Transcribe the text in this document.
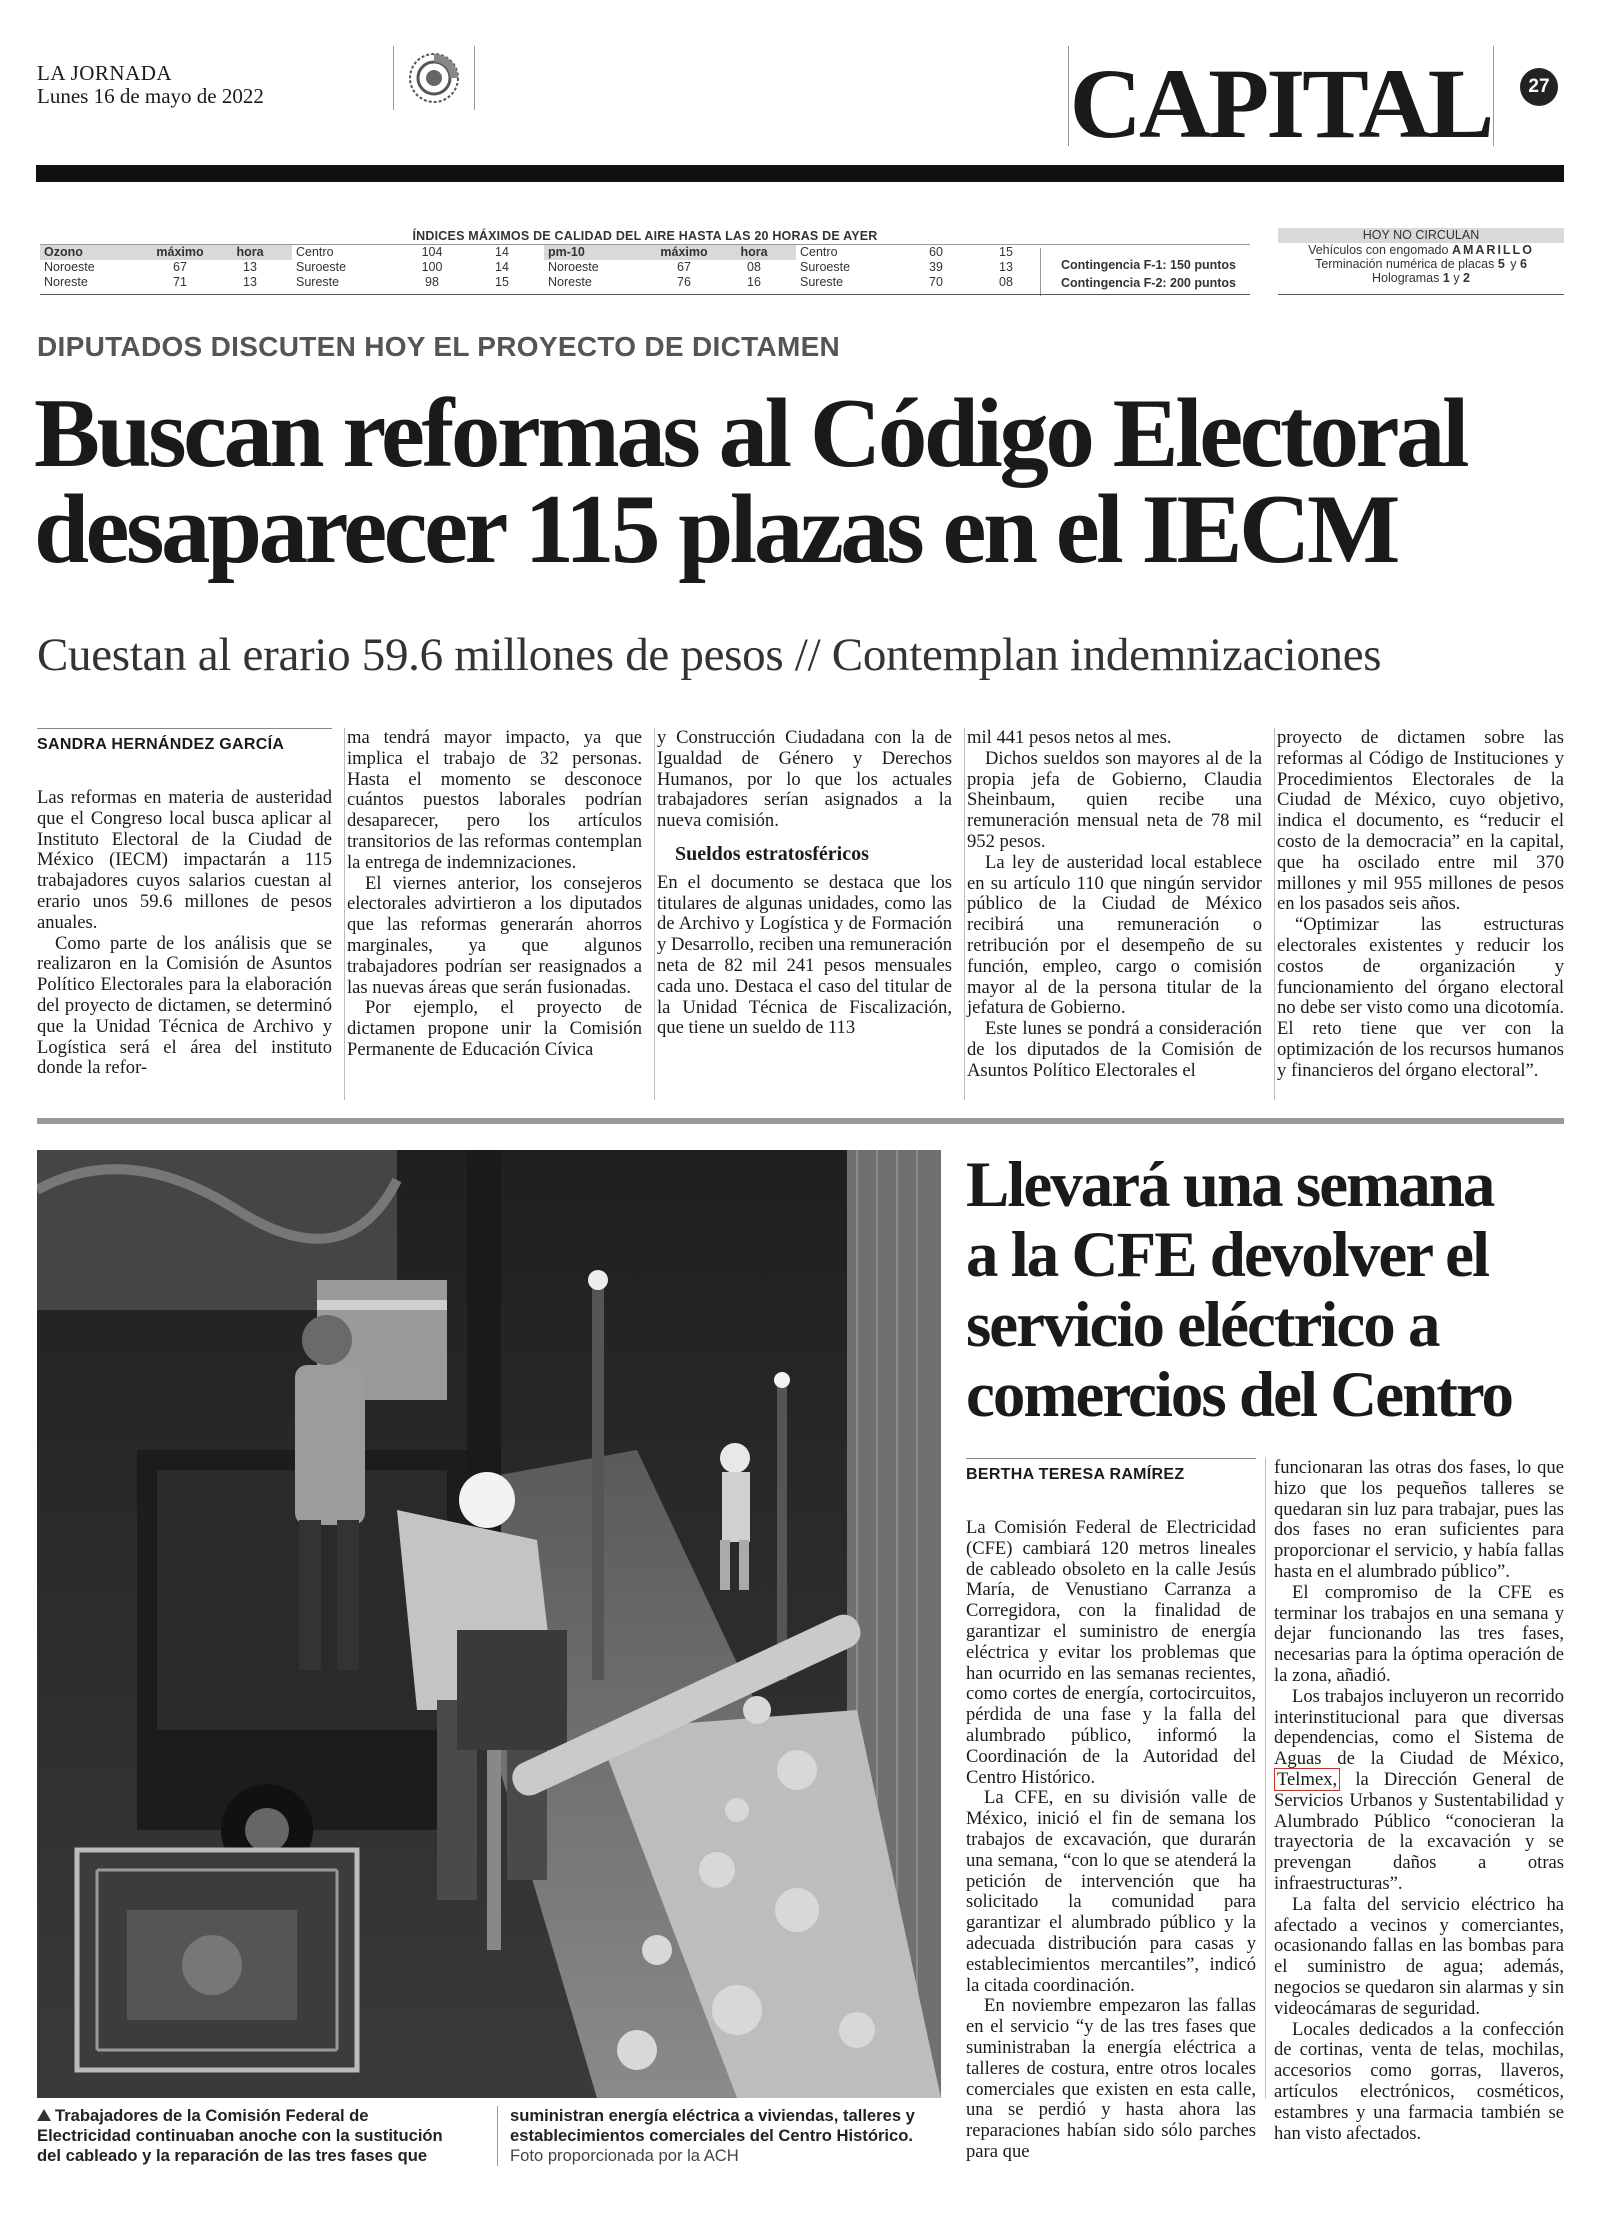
LA JORNADA
Lunes 16 de mayo de 2022	CAPITAL	27
ÍNDICES MÁXIMOS DE CALIDAD DEL AIRE HASTA LAS 20 HORAS DE AYER
Ozono	máximo	hora
Noroeste	67	13
Noreste	71	13
Centro	104	14
Suroeste	100	14
Sureste	98	15
pm-10	máximo	hora
Noroeste	67	08
Noreste	76	16
Centro	60	15
Suroeste	39	13
Sureste	70	08
Contingencia F-1: 150 puntos
Contingencia F-2: 200 puntos
HOY NO CIRCULAN
Vehículos con engomado AMARILLO
Terminación numérica de placas 5 y 6
Hologramas 1 y 2
DIPUTADOS DISCUTEN HOY EL PROYECTO DE DICTAMEN
Buscan reformas al Código Electoral
desaparecer 115 plazas en el IECM
Cuestan al erario 59.6 millones de pesos // Contemplan indemnizaciones
SANDRA HERNÁNDEZ GARCÍA

Las reformas en materia de austeridad que el Congreso local busca aplicar al Instituto Electoral de la Ciudad de México (IECM) impactarán a 115 trabajadores cuyos salarios cuestan al erario unos 59.6 millones de pesos anuales.

Como parte de los análisis que se realizaron en la Comisión de Asuntos Político Electorales para la elaboración del proyecto de dictamen, se determinó que la Unidad Técnica de Archivo y Logística será el área del instituto donde la refor-

ma tendrá mayor impacto, ya que implica el trabajo de 32 personas. Hasta el momento se desconoce cuántos puestos laborales podrían desaparecer, pero los artículos transitorios de las reformas contemplan la entrega de indemnizaciones.

El viernes anterior, los consejeros electorales advirtieron a los diputados que las reformas generarán ahorros marginales, ya que algunos trabajadores podrían ser reasignados a las nuevas áreas que serán fusionadas.

Por ejemplo, el proyecto de dictamen propone unir la Comisión Permanente de Educación Cívica

y Construcción Ciudadana con la de Igualdad de Género y Derechos Humanos, por lo que los actuales trabajadores serían asignados a la nueva comisión.

Sueldos estratosféricos

En el documento se destaca que los titulares de algunas unidades, como las de Archivo y Logística y de Formación y Desarrollo, reciben una remuneración neta de 82 mil 241 pesos mensuales cada uno. Destaca el caso del titular de la Unidad Técnica de Fiscalización, que tiene un sueldo de 113

mil 441 pesos netos al mes.

Dichos sueldos son mayores al de la propia jefa de Gobierno, Claudia Sheinbaum, quien recibe una remuneración mensual neta de 78 mil 952 pesos.

La ley de austeridad local establece en su artículo 110 que ningún servidor público de la Ciudad de México recibirá una remuneración o retribución por el desempeño de su función, empleo, cargo o comisión mayor al de la persona titular de la jefatura de Gobierno.

Este lunes se pondrá a consideración de los diputados de la Comisión de Asuntos Político Electorales el

proyecto de dictamen sobre las reformas al Código de Instituciones y Procedimientos Electorales de la Ciudad de México, cuyo objetivo, indica el documento, es “reducir el costo de la democracia” en la capital, que ha oscilado entre mil 370 millones y mil 955 millones de pesos en los pasados seis años.

“Optimizar las estructuras electorales existentes y reducir los costos de organización y funcionamiento del órgano electoral no debe ser visto como una dicotomía. El reto tiene que ver con la optimización de los recursos humanos y financieros del órgano electoral”.

Trabajadores de la Comisión Federal de Electricidad continuaban anoche con la sustitución del cableado y la reparación de las tres fases que
suministran energía eléctrica a viviendas, talleres y establecimientos comerciales del Centro Histórico.
Foto proporcionada por la ACH
Llevará una semana
a la CFE devolver el
servicio eléctrico a
comercios del Centro
BERTHA TERESA RAMÍREZ

La Comisión Federal de Electricidad (CFE) cambiará 120 metros lineales de cableado obsoleto en la calle Jesús María, de Venustiano Carranza a Corregidora, con la finalidad de garantizar el suministro de energía eléctrica y evitar los problemas que han ocurrido en las semanas recientes, como cortes de energía, cortocircuitos, pérdida de una fase y la falla del alumbrado público, informó la Coordinación de la Autoridad del Centro Histórico.

La CFE, en su división valle de México, inició el fin de semana los trabajos de excavación, que durarán una semana, “con lo que se atenderá la petición de intervención que ha solicitado la comunidad para garantizar el alumbrado público y la adecuada distribución para casas y establecimientos mercantiles”, indicó la citada coordinación.

En noviembre empezaron las fallas en el servicio “y de las tres fases que suministraban la energía eléctrica a talleres de costura, entre otros locales comerciales que existen en esta calle, una se perdió y hasta ahora las reparaciones habían sido sólo parches para que

funcionaran las otras dos fases, lo que hizo que los pequeños talleres se quedaran sin luz para trabajar, pues las dos fases no eran suficientes para proporcionar el servicio, y había fallas hasta en el alumbrado público”.

El compromiso de la CFE es terminar los trabajos en una semana y dejar funcionando las tres fases, necesarias para la óptima operación de la zona, añadió.

Los trabajos incluyeron un recorrido interinstitucional para que diversas dependencias, como el Sistema de Aguas de la Ciudad de México, Telmex, la Dirección General de Servicios Urbanos y Sustentabilidad y Alumbrado Público “conocieran la trayectoria de la excavación y se prevengan daños a otras infraestructuras”.

La falta del servicio eléctrico ha afectado a vecinos y comerciantes, ocasionando fallas en las bombas para el suministro de agua; además, negocios se quedaron sin alarmas y sin videocámaras de seguridad.

Locales dedicados a la confección de cortinas, venta de telas, mochilas, accesorios como gorras, llaveros, artículos electrónicos, cosméticos, estambres y una farmacia también se han visto afectados.
